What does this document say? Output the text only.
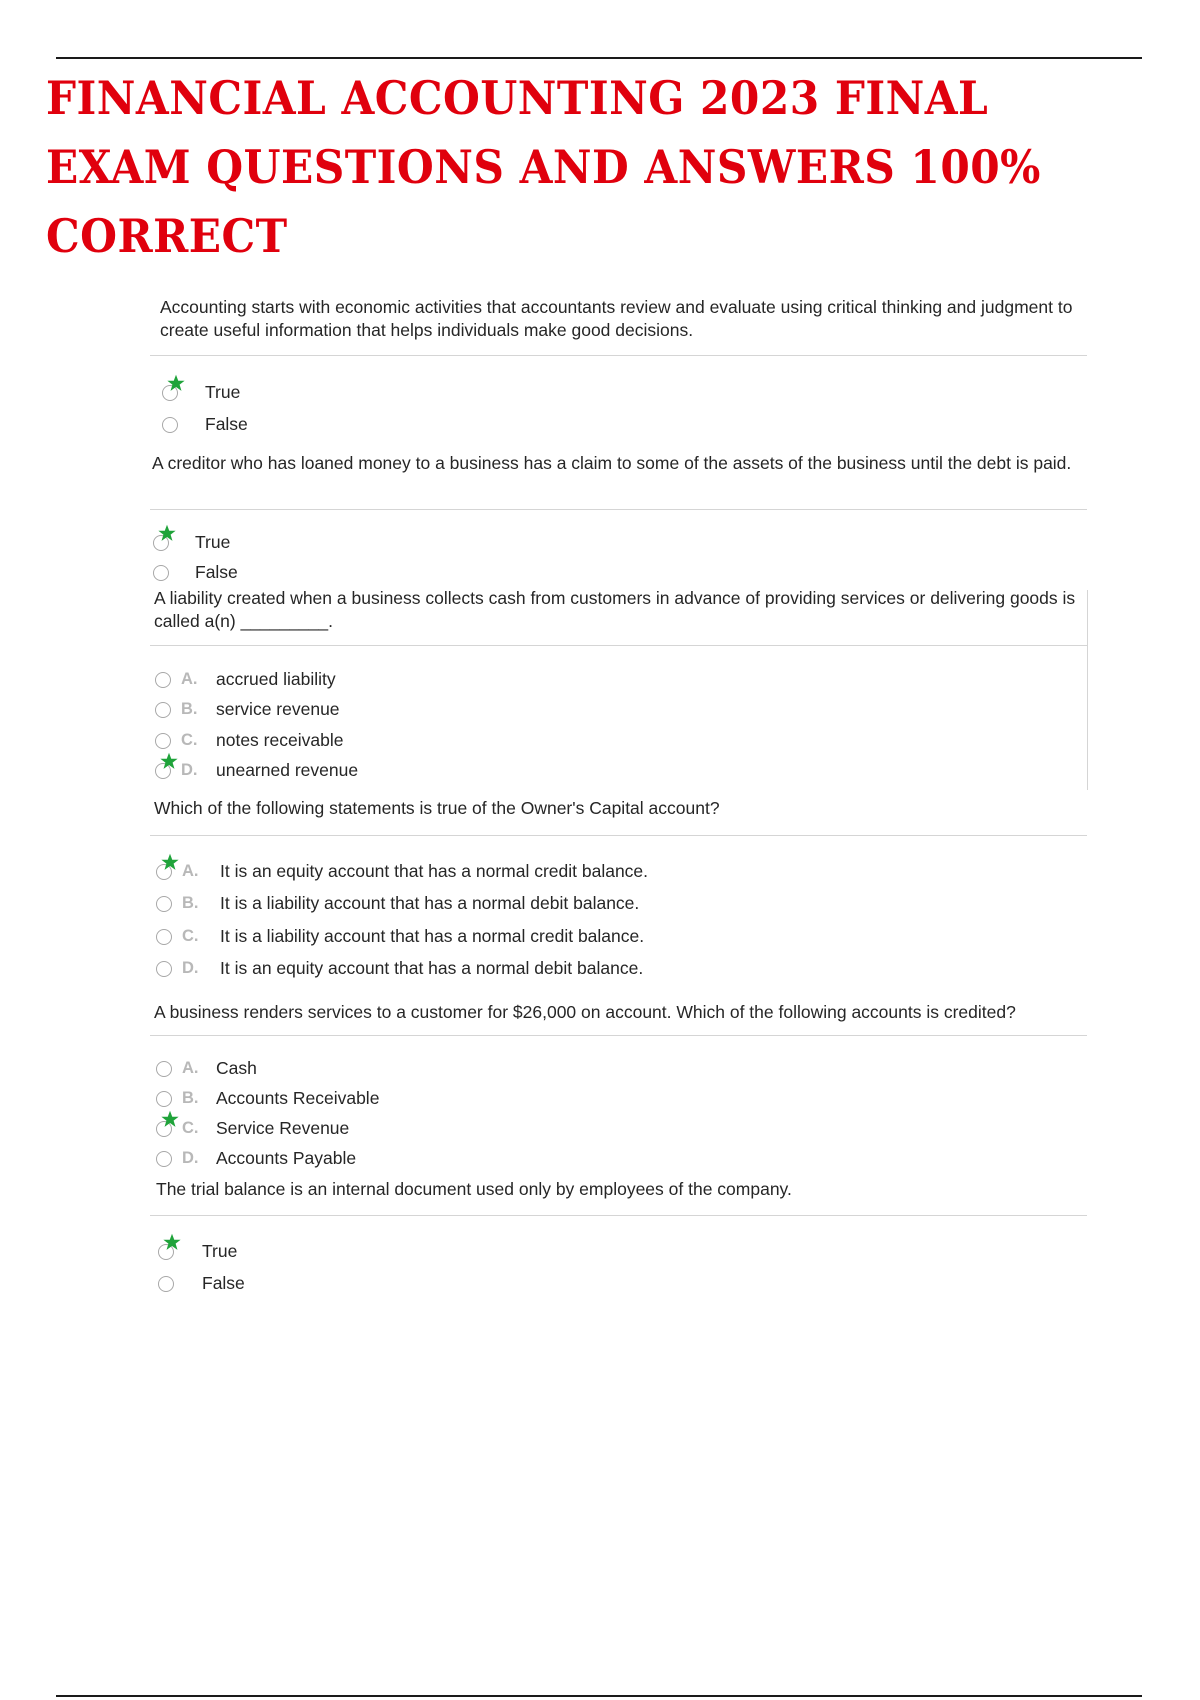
FINANCIAL ACCOUNTING 2023 FINAL EXAM QUESTIONS AND ANSWERS 100% CORRECT

Accounting starts with economic activities that accountants review and evaluate using critical thinking and judgment to create useful information that helps individuals make good decisions.

True
False

A creditor who has loaned money to a business has a claim to some of the assets of the business until the debt is paid.

True
False

A liability created when a business collects cash from customers in advance of providing services or delivering goods is called a(n) _________.

A. accrued liability
B. service revenue
C. notes receivable
D. unearned revenue

Which of the following statements is true of the Owner's Capital account?

A. It is an equity account that has a normal credit balance.
B. It is a liability account that has a normal debit balance.
C. It is a liability account that has a normal credit balance.
D. It is an equity account that has a normal debit balance.

A business renders services to a customer for $26,000 on account. Which of the following accounts is credited?

A. Cash
B. Accounts Receivable
C. Service Revenue
D. Accounts Payable

The trial balance is an internal document used only by employees of the company.

True
False
